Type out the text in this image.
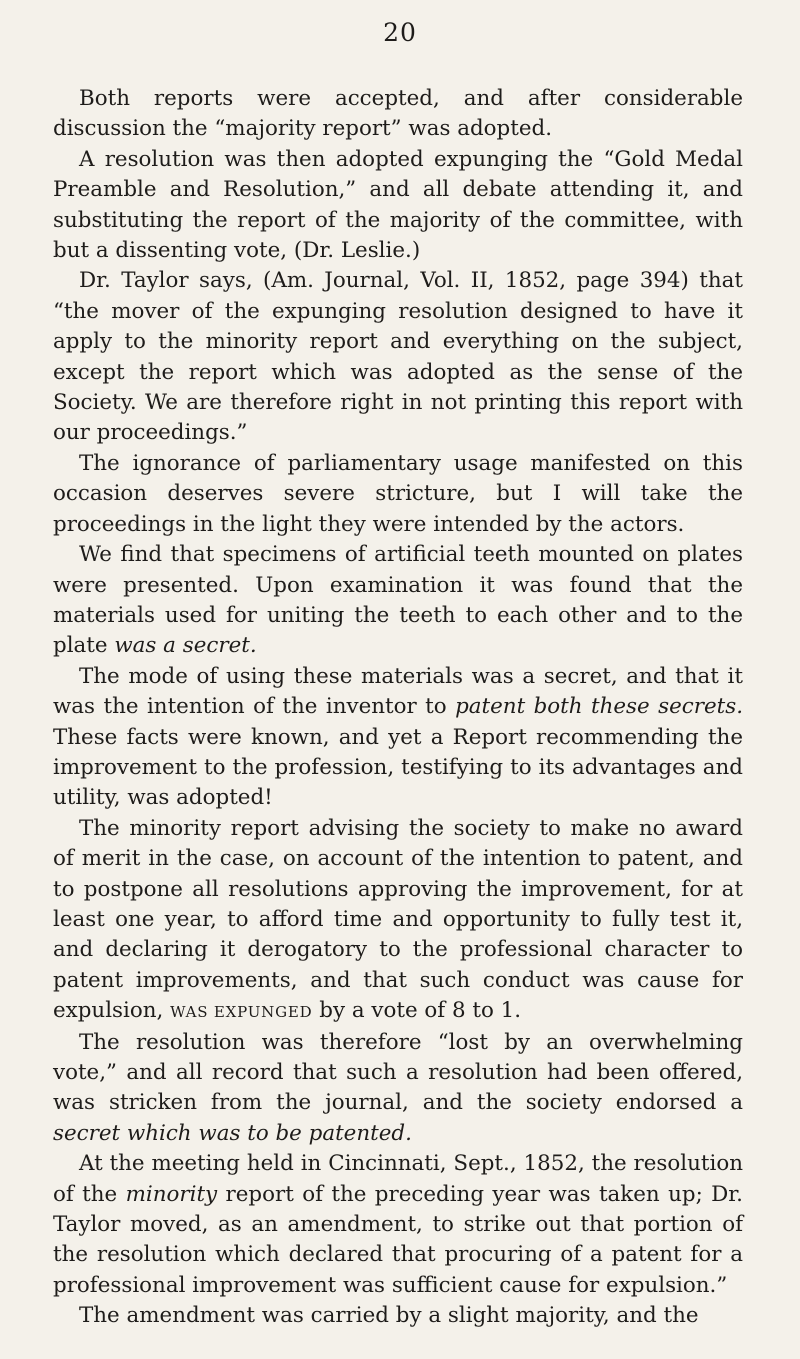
20

Both reports were accepted, and after considerable discussion the “majority report” was adopted.

A resolution was then adopted expunging the “Gold Medal Preamble and Resolution,” and all debate attending it, and substituting the report of the majority of the committee, with but a dissenting vote, (Dr. Leslie.)

Dr. Taylor says, (Am. Journal, Vol. II, 1852, page 394) that “the mover of the expunging resolution designed to have it apply to the minority report and everything on the subject, except the report which was adopted as the sense of the Society. We are therefore right in not printing this report with our proceedings.”

The ignorance of parliamentary usage manifested on this occasion deserves severe stricture, but I will take the proceedings in the light they were intended by the actors.

We find that specimens of artificial teeth mounted on plates were presented. Upon examination it was found that the materials used for uniting the teeth to each other and to the plate was a secret.

The mode of using these materials was a secret, and that it was the intention of the inventor to patent both these secrets. These facts were known, and yet a Report recommending the improvement to the profession, testifying to its advantages and utility, was adopted!

The minority report advising the society to make no award of merit in the case, on account of the intention to patent, and to postpone all resolutions approving the improvement, for at least one year, to afford time and opportunity to fully test it, and declaring it derogatory to the professional character to patent improvements, and that such conduct was cause for expulsion, WAS EXPUNGED by a vote of 8 to 1.

The resolution was therefore “lost by an overwhelming vote,” and all record that such a resolution had been offered, was stricken from the journal, and the society endorsed a secret which was to be patented.

At the meeting held in Cincinnati, Sept., 1852, the resolution of the minority report of the preceding year was taken up; Dr. Taylor moved, as an amendment, to strike out that portion of the resolution which declared that procuring of a patent for a professional improvement was sufficient cause for expulsion.”

The amendment was carried by a slight majority, and the
